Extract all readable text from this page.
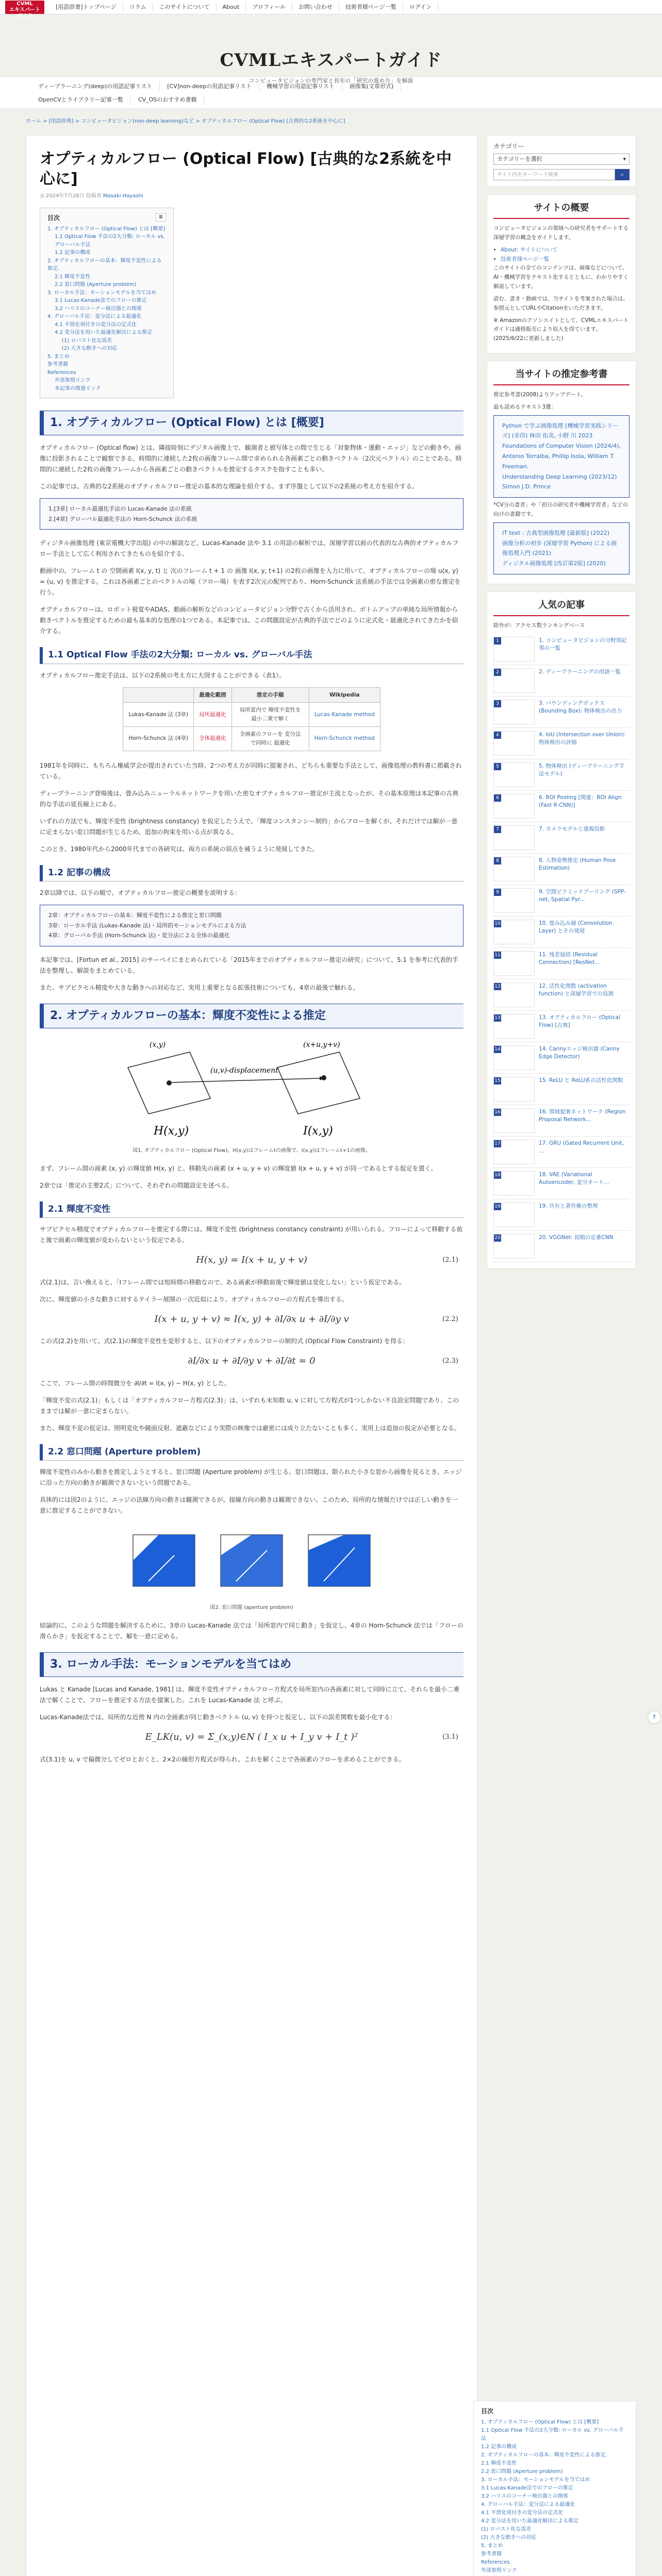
CVML
エキスパート
ガイド
[用語辞書]トップページ	コラム	このサイトについて	About	プロフィール	お問い合わせ	技術者様ページ一覧	ログイン
CVMLエキスパートガイド
コンピュータビジョンの専門家と長年の「研究の進め方」を解説
ディープラーニング(deep)の用語記事リスト	[CV]non-deepの用語記事リスト	機械学習の用語記事リスト	画像集(文章形式)
OpenCVとライブラリー記事一覧	CV_OSのおすすめ書籍
ホーム > [用語辞典] > コンピュータビジョン(non-deep learning)など > オプティカルフロー (Optical Flow) [古典的な2系統を中心に]
オプティカルフロー (Optical Flow) [古典的な2系統を中心に]
◷ 2024年7月28日 投稿者 Masaki Hayashi
目次	≡
1. オプティカルフロー (Optical Flow) とは [概要]
1.1 Optical Flow 手法の2大分類: ローカル vs. グローバル手法
1.2 記事の構成
2. オプティカルフローの基本：輝度不変性による推定.
2.1 輝度不変性
2.2 窓口問題 (Aperture problem)
3. ローカル手法：モーションモデルを当てはめ
3.1 Lucas-Kanade法でのフローの推定
3.2 ハリスのコーナー検出器との関係
4. グローバル手法：変分法による最適化
4.1 平滑化項付きの変分法の定式化
4.2 変分法を用いた最適化解決による推定
(1) ロバスト化な誤差
(2) 大きな動きへの対応
5. まとめ
参考書籍
References
外部参照リンク
本記事の関連リンク
1. オプティカルフロー (Optical Flow) とは [概要]

オプティカルフロー (Optical flow) とは、隣接時刻にデジタル画像上で、観測者と被写体との間で生じる「対象物体・運動・エッジ」などの動きや、画像に投影されることで観察できる、時間的に連続した2枚の画像フレーム間で求められる各画素ごとの動きベクトル（2次元ベクトル）のことである。時間的に連続した2枚の画像フレームから各画素ごとの動きベクトルを推定するタスクを指すことも多い。

この記事では、古典的な2系統のオプティカルフロー推定の基本的な理論を紹介する。まず序盤として以下の2系統の考え方を紹介する。

1.[3章] ローカル最適化手法の Lucas-Kanade 法の系統
2.[4章] グローバル最適化手法の Horn-Schunck 法の系統

ディジタル画像処理 (東京電機大学出版) の中の解説など、Lucas-Kanade 法や 3.1 の用語の解析では、深層学習以前の代表的な古典的オプティカルフロー手法として広く利用されてきたものを紹介する。

動画中の、フレーム t の 空間画素 I(x, y, t) と 次のフレーム t + 1 の 画像 I(x, y, t+1) の2枚の画像を入力に用いて、オプティカルフローの場 u(x, y) = (u, v) を推定する。これは各画素ごとのベクトルの場（フロー場）を表す2次元の配列であり、Horn-Schunck 法系統の手法では全画素の密な推定を行う。

オプティカルフローは、ロボット視覚やADAS、動画の解析などのコンピュータビジョン分野で古くから活用され、ボトムアップの単純な局所情報から動きベクトルを推定するための最も基本的な処理の1つである。本記事では、この問題設定が古典的手法でどのように定式化・最適化されてきたかを紹介する。

1.1 Optical Flow 手法の2大分類: ローカル vs. グローバル手法

オプティカルフロー推定手法は、以下の2系統の考え方に大別することができる（表1）。

	最適化範囲	推定の手順	Wikipedia
Lukas-Kanade 法 (3章)	局所最適化	局所窓内で 輝度不変性を最小二乗で解く	Lucas-Kanade method
Horn-Schunck 法 (4章)	全体最適化	全画素のフローを 変分法で同時に 最適化	Horn-Schunck method

1981年を同時に、もちろん権威学会が提出されていた当時、2つの考え方が同時に提案され、どちらも重要な手法として、画像処理の教科書に掲載されている。

ディープラーニング登場後は、畳み込みニューラルネットワークを用いた密なオプティカルフロー推定が主流となったが、その基本原理は本記事の古典的な手法の延長線上にある。

いずれの方法でも、輝度不変性 (brightness constancy) を仮定したうえで、「輝度コンスタンシー制約」からフローを解くが、それだけでは解が一意に定まらない窓口問題が生じるため、追加の拘束を用いる点が異なる。

このとき、1980年代から2000年代までの各研究は、両方の系統の弱点を補うように発展してきた。

1.2 記事の構成

2章以降では、以下の順で、オプティカルフロー推定の概要を説明する：

2章：オプティカルフローの基本：輝度不変性による推定と窓口問題
3章：ローカル手法 (Lukas-Kanade 法)・局所的モーションモデルによる方法
4章：グローバル手法 (Horn-Schunck 法)・変分法による全体の最適化

本記事では、[Fortun et al., 2015] のサーベイにまとめられている「2015年までのオプティカルフロー推定の研究」について、5.1 を参考に代表的手法を整理し、解説をまとめている。

また、サブピクセル精度や大きな動きへの対応など、実用上重要となる拡張技術についても、4章の最後で触れる。

2. オプティカルフローの基本：輝度不変性による推定
(x,y)
(u,v)-displacement
(x+u,y+v)
H(x,y)	I(x,y)
図1. オプティカルフロー (Optical Flow)。H(x,y)はフレームtの画像で、I(x,y)はフレームt+1の画像。

まず、フレーム間の画素 (x, y) の輝度値 H(x, y) と、移動先の画素 (x + u, y + v) の輝度値 I(x + u, y + v) が同一であるとする仮定を置く。

2章では「推定の主要2式」について、それぞれの問題設定を述べる。

2.1 輝度不変性

サブピクセル精度でオプティカルフローを推定する際には、輝度不変性 (brightness constancy constraint) が用いられる。フローによって移動する前と後で画素の輝度値が変わらないという仮定である。

H(x, y) = I(x + u, y + v)	(2.1)

式(2.1)は、言い換えると、「Iフレーム間では短時間の移動なので、ある画素が移動前後で輝度値は変化しない」という仮定である。

次に、輝度値の小さな動きに対するテイラー展開の一次近似により、オプティカルフローの方程式を導出する。

I(x + u, y + v) ≈ I(x, y) + ∂I/∂x u + ∂I/∂y v	(2.2)

この式(2.2)を用いて、式(2.1)の輝度不変性を変形すると、以下のオプティカルフローの制約式 (Optical Flow Constraint) を得る：

∂I/∂x u + ∂I/∂y v + ∂I/∂t = 0	(2.3)

ここで、フレーム間の時間微分を ∂I/∂t = I(x, y) − H(x, y) とした。

「輝度不変の式(2.1)」もしくは「オプティカルフロー方程式(2.3)」は、いずれも未知数 u, v に対して方程式が1つしかない不良設定問題であり、このままでは解が一意に定まらない。

また、輝度不変の仮定は、照明変化や鏡面反射、遮蔽などにより実際の映像では厳密には成り立たないことも多く、実用上は追加の仮定が必要となる。

2.2 窓口問題 (Aperture problem)

輝度不変性のみから動きを推定しようとすると、窓口問題 (Aperture problem) が生じる。窓口問題は、限られた小さな窓から画像を見るとき、エッジに沿った方向の動きが観測できないという問題である。

具体的には図2のように、エッジの法線方向の動きは観測できるが、接線方向の動きは観測できない。このため、局所的な情報だけでは正しい動きを一意に推定することができない。

図2. 窓口問題 (aperture problem)

結論的に、このような問題を解決するために、3章の Lucas-Kanade 法では「局所窓内で同じ動き」を仮定し、4章の Horn-Schunck 法では「フローの滑らかさ」を仮定することで、解を一意に定める。

3. ローカル手法：モーションモデルを当てはめ

Lukas と Kanade [Lucas and Kanade, 1981] は、輝度不変性オプティカルフロー方程式を局所窓内の各画素に対して同時に立て、それらを最小二乗法で解くことで、フローを推定する方法を提案した。これを Lucas-Kanade 法 と呼ぶ。

Lucas-Kanade法では、局所的な近傍 N 内の全画素が同じ動きベクトル (u, v) を持つと仮定し、以下の誤差関数を最小化する：

E_LK(u, v) = Σ_(x,y)∈N ( I_x u + I_y v + I_t )²	(3.1)

式(3.1)を u, v で偏微分してゼロとおくと、2×2の線形方程式が得られ、これを解くことで各画素のフローを求めることができる。

カテゴリー
カテゴリーを選択	▾
サイト内をキーワード検索	⌕
サイトの概要
コンピュータビジョンの領域への研究者をサポートする深層学習の概念をガイドします。
• About: サイトについて
• 技術者様ページ一覧
このサイトの全てのコンテンツは、画像などについて、AI・機械学習をテキスト化するとともに、わかりやすく解説しています。
読む、書き・動画では、当サイトを考案された場合は、参照元としてURLやCitationをいただきます。
※ Amazonのアソシエイトとして、CVMLエキスパートガイドは適格販売により収入を得ています。(2025/6/22に更新しました)
当サイトの推定参考書
推定参考書(2008)よりアップデート。
最も読めるテキスト3選：
Python で学ぶ画像処理 [機械学習実践シリーズ] (赤印) 林田 佑美, 小野 川 2023
Foundations of Computer Vision (2024/4), Antonio Torralba, Phillip Isola, William T. Freeman.
Understanding Deep Learning (2023/12) Simon J.D. Prince
*CV分の書者」や「初日の研究者や機械学習者」などの向けの書籍です。
IT text : 古典型画像処理 [最新版] (2022)
画像分析の初歩 (深層学習 Python) による画像処理入門 (2021)
ディジタル画像処理 [改訂第2版] (2020)
人気の記事
除外が：アクセス数ランキングベース
1	1. コンピュータビジョンの分野別記事の一覧
2	2. ディープラーニングの用語一覧
3	3. バウンディングボックス (Bounding Box): 物体検出の出力
4	4. IoU (Intersection over Union): 物体検出の評価
5	5. 物体検出 (ディープラーニング手法モデル)
6	6. ROI Pooling [関連：ROI Align (Fast R-CNN)]
7	7. カメラモデルと透視投影
8	8. 人物姿勢推定 (Human Pose Estimation)
9	9. 空間ピラミッドプーリング (SPP-net, Spatial Pyr...
10	10. 畳み込み層 (Convolution Layer) とその発展
11	11. 残差接続 (Residual Connection) [ResNet...
12	12. 活性化関数 (activation function) と深層学習での役割
13	13. オプティカルフロー (Optical Flow) [古典]
14	14. Cannyエッジ検出器 (Canny Edge Detector)
15	15. ReLU と ReLU系の活性化関数
16	16. 領域提案ネットワーク (Region Proposal Network...
17	17. GRU (Gated Recurrent Unit, ...
18	18. VAE (Variational Autoencoder, 変分オート...
19	19. 共有と著作権の整理
20	20. VGGNet: 初期の定番CNN
目次
1. オプティカルフロー (Optical Flow) とは [概要]
1.1 Optical Flow 手法の2大分類: ローカル vs. グローバル手法
1.2 記事の構成
2. オプティカルフローの基本：輝度不変性による推定.
2.1 輝度不変性
2.2 窓口問題 (Aperture problem)
3. ローカル手法：モーションモデルを当てはめ
3.1 Lucas-Kanade法でのフローの推定
3.2 ハリスのコーナー検出器との関係
4. グローバル手法：変分法による最適化
4.1 平滑化項付きの変分法の定式化
4.2 変分法を用いた最適化解決による推定
(1) ロバスト化な誤差
(2) 大きな動きへの対応
5. まとめ
参考書籍
References
外部参照リンク
↑
